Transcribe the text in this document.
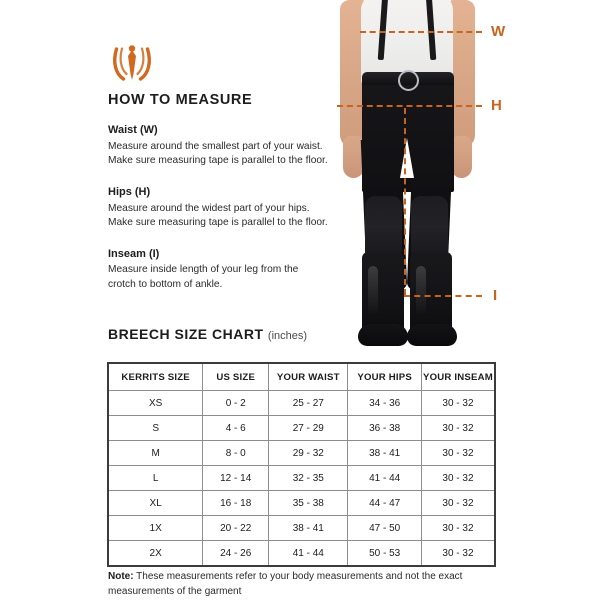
W
H
I
HOW TO MEASURE

Waist (W)

Measure around the smallest part of your waist.

Make sure measuring tape is parallel to the floor.

Hips (H)

Measure around the widest part of your hips.

Make sure measuring tape is parallel to the floor.

Inseam (I)

Measure inside length of your leg from the

crotch to bottom of ankle.

BREECH SIZE CHART (inches)
KERRITS SIZE	US SIZE	YOUR WAIST	YOUR HIPS	YOUR INSEAM
XS	0 - 2	25 - 27	34 - 36	30 - 32
S	4 - 6	27 - 29	36 - 38	30 - 32
M	8 - 0	29 - 32	38 - 41	30 - 32
L	12 - 14	32 - 35	41 - 44	30 - 32
XL	16 - 18	35 - 38	44 - 47	30 - 32
1X	20 - 22	38 - 41	47 - 50	30 - 32
2X	24 - 26	41 - 44	50 - 53	30 - 32
Note: These measurements refer to your body measurements and not the exact measurements of the garment
